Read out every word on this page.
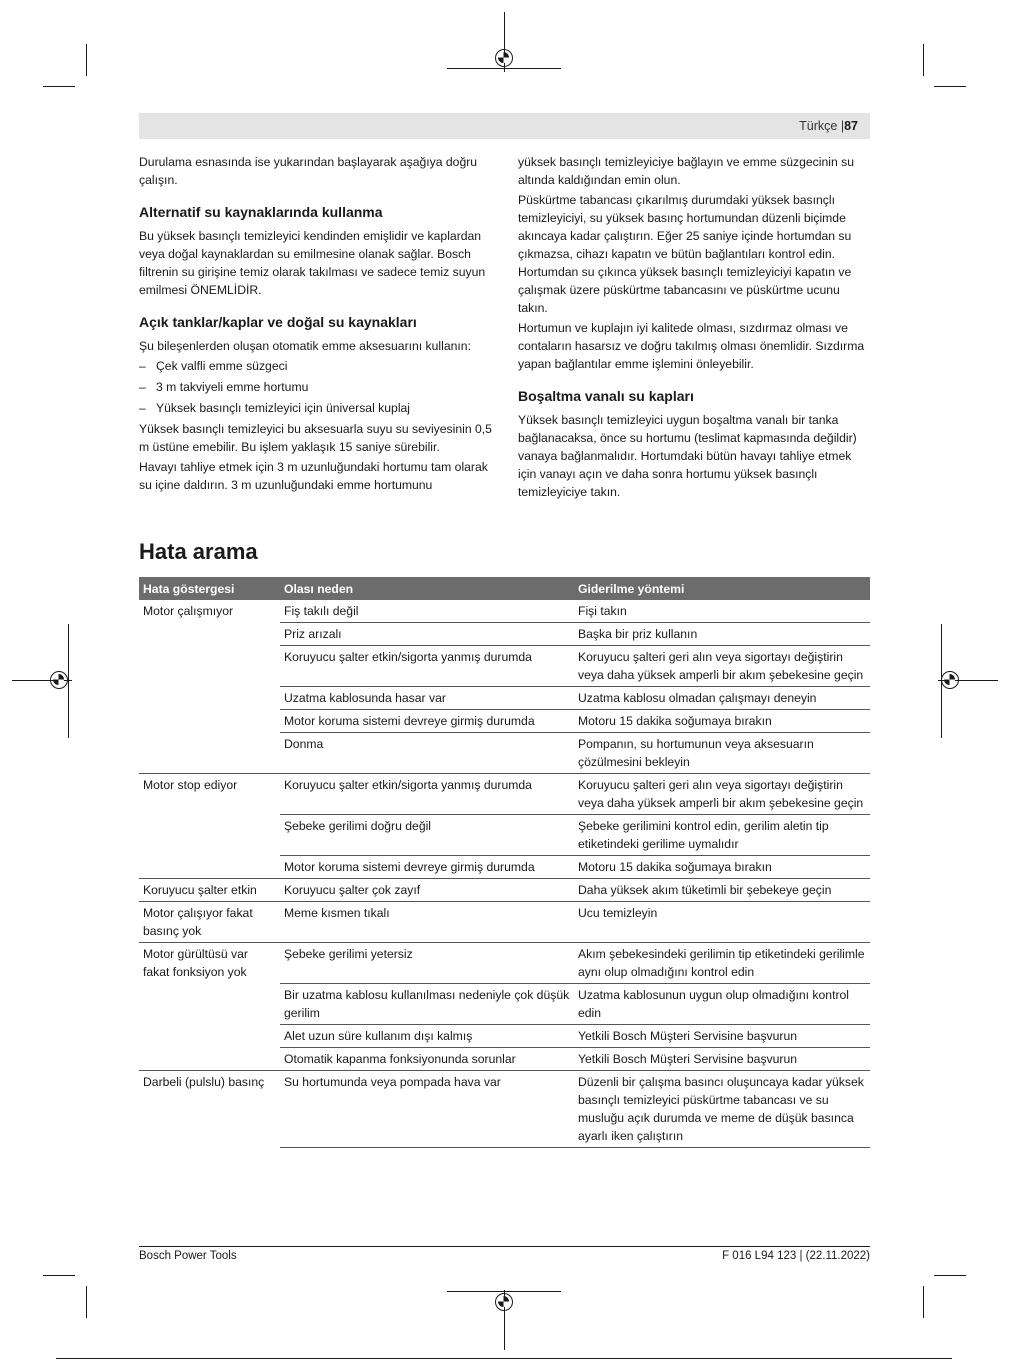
Türkçe |87

Durulama esnasında ise yukarından başlayarak aşağıya doğru çalışın.

Alternatif su kaynaklarında kullanma

Bu yüksek basınçlı temizleyici kendinden emişlidir ve kaplardan veya doğal kaynaklardan su emilmesine olanak sağlar. Bosch filtrenin su girişine temiz olarak takılması ve sadece temiz suyun emilmesi ÖNEMLİDİR.

Açık tanklar/kaplar ve doğal su kaynakları

Şu bileşenlerden oluşan otomatik emme aksesuarını kullanın:

– Çek valfli emme süzgeci
– 3 m takviyeli emme hortumu
– Yüksek basınçlı temizleyici için üniversal kuplaj

Yüksek basınçlı temizleyici bu aksesuarla suyu su seviyesinin 0,5 m üstüne emebilir. Bu işlem yaklaşık 15 saniye sürebilir.

Havayı tahliye etmek için 3 m uzunluğundaki hortumu tam olarak su içine daldırın. 3 m uzunluğundaki emme hortumunu

yüksek basınçlı temizleyiciye bağlayın ve emme süzgecinin su altında kaldığından emin olun.

Püskürtme tabancası çıkarılmış durumdaki yüksek basınçlı temizleyiciyi, su yüksek basınç hortumundan düzenli biçimde akıncaya kadar çalıştırın. Eğer 25 saniye içinde hortumdan su çıkmazsa, cihazı kapatın ve bütün bağlantıları kontrol edin. Hortumdan su çıkınca yüksek basınçlı temizleyiciyi kapatın ve çalışmak üzere püskürtme tabancasını ve püskürtme ucunu takın.

Hortumun ve kuplajın iyi kalitede olması, sızdırmaz olması ve contaların hasarsız ve doğru takılmış olması önemlidir. Sızdırma yapan bağlantılar emme işlemini önleyebilir.

Boşaltma vanalı su kapları

Yüksek basınçlı temizleyici uygun boşaltma vanalı bir tanka bağlanacaksa, önce su hortumu (teslimat kapmasında değildir) vanaya bağlanmalıdır. Hortumdaki bütün havayı tahliye etmek için vanayı açın ve daha sonra hortumu yüksek basınçlı temizleyiciye takın.

Hata arama
Hata göstergesi	Olası neden	Giderilme yöntemi
Motor çalışmıyor	Fiş takılı değil	Fişi takın
	Priz arızalı	Başka bir priz kullanın
	Koruyucu şalter etkin/sigorta yanmış durumda	Koruyucu şalteri geri alın veya sigortayı değiştirin veya daha yüksek amperli bir akım şebekesine geçin
	Uzatma kablosunda hasar var	Uzatma kablosu olmadan çalışmayı deneyin
	Motor koruma sistemi devreye girmiş durumda	Motoru 15 dakika soğumaya bırakın
	Donma	Pompanın, su hortumunun veya aksesuarın çözülmesini bekleyin
Motor stop ediyor	Koruyucu şalter etkin/sigorta yanmış durumda	Koruyucu şalteri geri alın veya sigortayı değiştirin veya daha yüksek amperli bir akım şebekesine geçin
	Şebeke gerilimi doğru değil	Şebeke gerilimini kontrol edin, gerilim aletin tip etiketindeki gerilime uymalıdır
	Motor koruma sistemi devreye girmiş durumda	Motoru 15 dakika soğumaya bırakın
Koruyucu şalter etkin	Koruyucu şalter çok zayıf	Daha yüksek akım tüketimli bir şebekeye geçin
Motor çalışıyor fakat basınç yok	Meme kısmen tıkalı	Ucu temizleyin
Motor gürültüsü var fakat fonksiyon yok	Şebeke gerilimi yetersiz	Akım şebekesindeki gerilimin tip etiketindeki gerilimle aynı olup olmadığını kontrol edin
	Bir uzatma kablosu kullanılması nedeniyle çok düşük gerilim	Uzatma kablosunun uygun olup olmadığını kontrol edin
	Alet uzun süre kullanım dışı kalmış	Yetkili Bosch Müşteri Servisine başvurun
	Otomatik kapanma fonksiyonunda sorunlar	Yetkili Bosch Müşteri Servisine başvurun
Darbeli (pulslu) basınç	Su hortumunda veya pompada hava var	Düzenli bir çalışma basıncı oluşuncaya kadar yüksek basınçlı temizleyici püskürtme tabancası ve su musluğu açık durumda ve meme de düşük basınca ayarlı iken çalıştırın
Bosch Power Tools	F 016 L94 123 | (22.11.2022)
